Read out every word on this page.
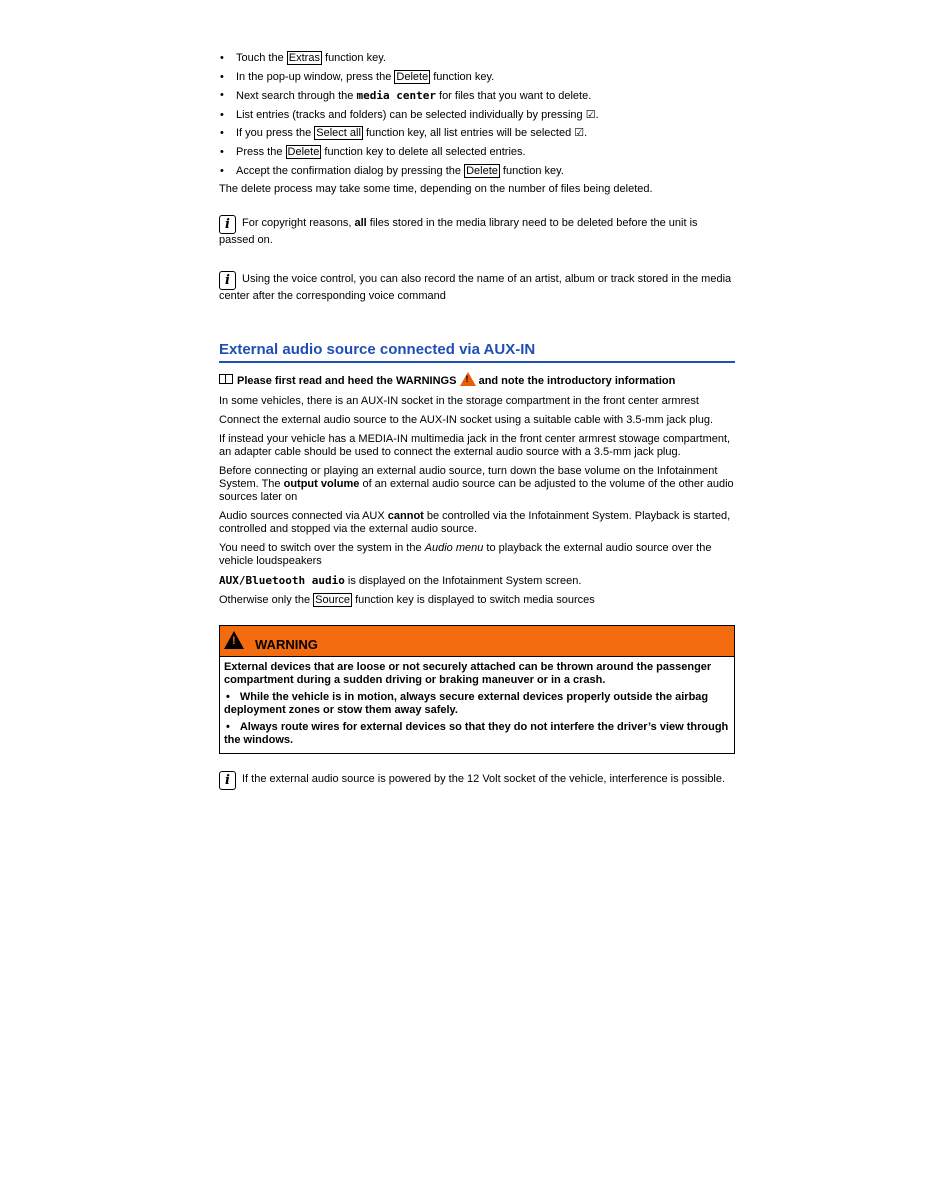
• Touch the Extras function key.
• In the pop-up window, press the Delete function key.
• Next search through the media center for files that you want to delete.
• List entries (tracks and folders) can be selected individually by pressing ☑.
• If you press the Select all function key, all list entries will be selected ☑.
• Press the Delete function key to delete all selected entries.
• Accept the confirmation dialog by pressing the Delete function key.

The delete process may take some time, depending on the number of files being deleted.

i For copyright reasons, all files stored in the media library need to be deleted before the unit is passed on.
i Using the voice control, you can also record the name of an artist, album or track stored in the media center after the corresponding voice command
External audio source connected via AUX-IN
Please first read and heed the WARNINGS ! and note the introductory information

In some vehicles, there is an AUX-IN socket in the storage compartment in the front center armrest

Connect the external audio source to the AUX-IN socket using a suitable cable with 3.5-mm jack plug.

If instead your vehicle has a MEDIA-IN multimedia jack in the front center armrest stowage compartment, an adapter cable should be used to connect the external audio source with a 3.5-mm jack plug.

Before connecting or playing an external audio source, turn down the base volume on the Infotainment System. The output volume of an external audio source can be adjusted to the volume of the other audio sources later on

Audio sources connected via AUX cannot be controlled via the Infotainment System. Playback is started, controlled and stopped via the external audio source.

You need to switch over the system in the Audio menu to playback the external audio source over the vehicle loudspeakers

AUX/Bluetooth audio is displayed on the Infotainment System screen.

Otherwise only the Source function key is displayed to switch media sources

! WARNING

External devices that are loose or not securely attached can be thrown around the passenger compartment during a sudden driving or braking maneuver or in a crash.

• While the vehicle is in motion, always secure external devices properly outside the airbag deployment zones or stow them away safely.

• Always route wires for external devices so that they do not interfere the driver’s view through the windows.

i If the external audio source is powered by the 12 Volt socket of the vehicle, interference is possible.
